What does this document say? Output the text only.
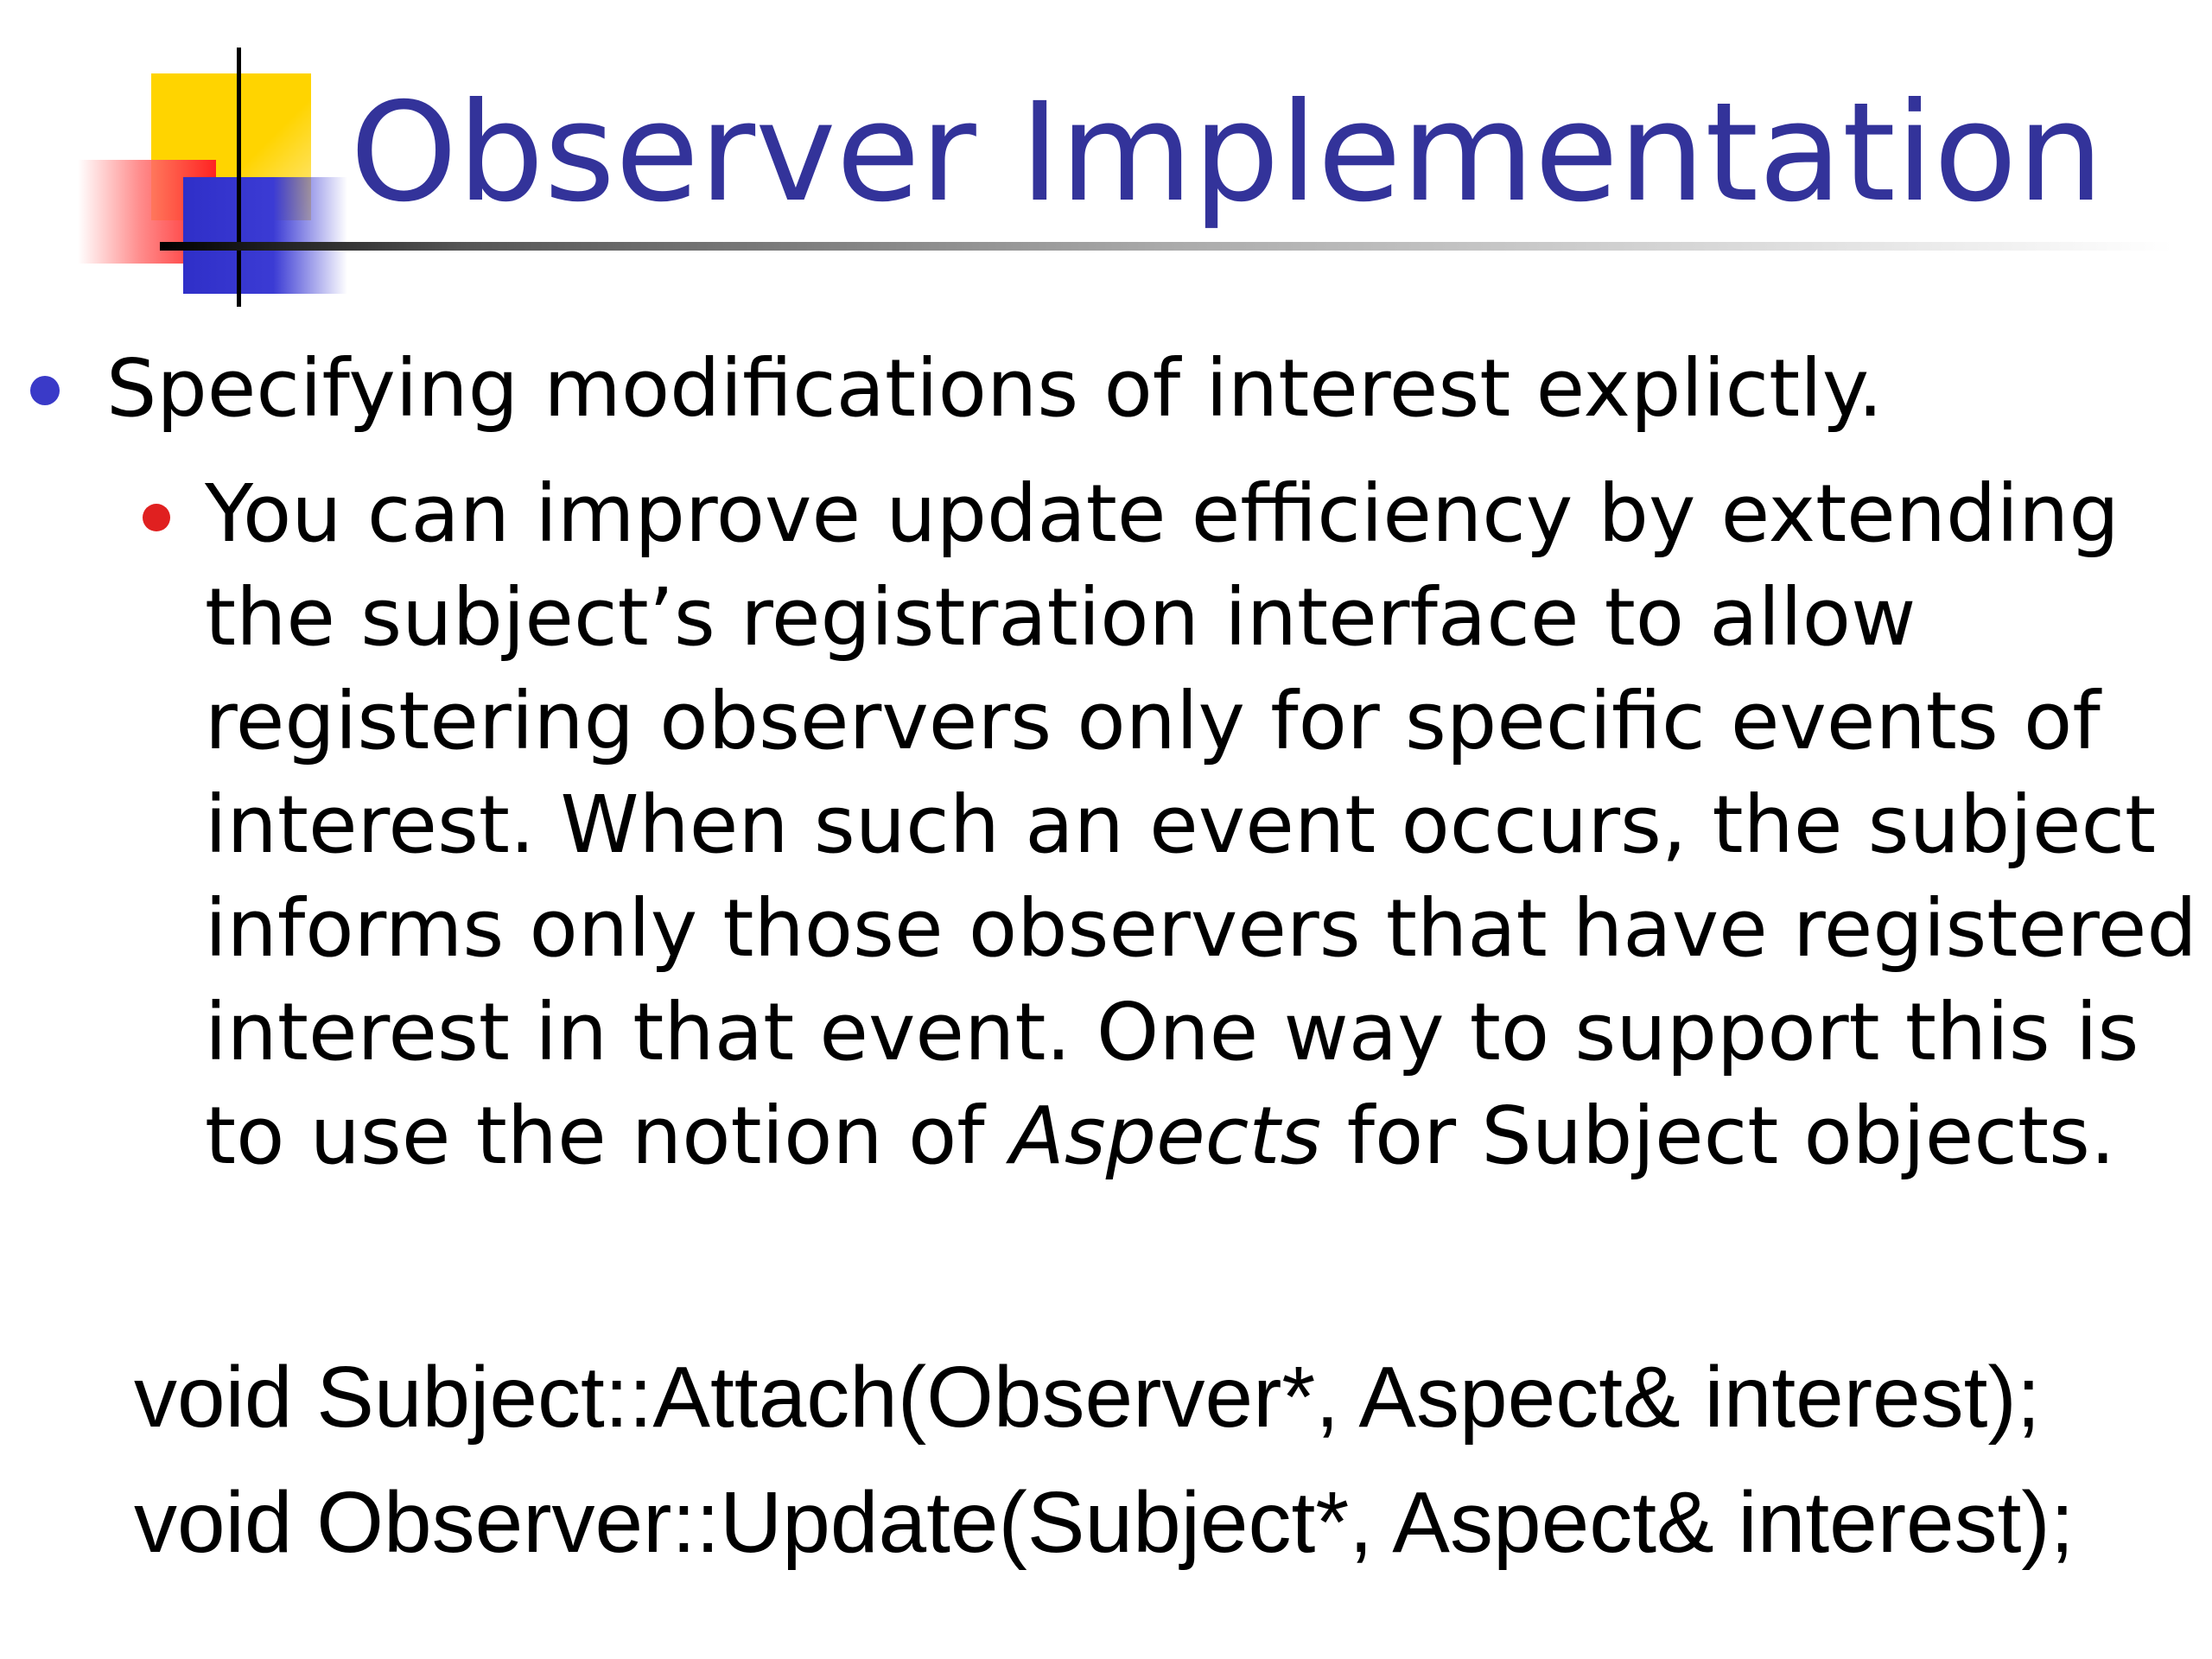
Observer Implementation
Specifying modifications of interest explictly.
You can improve update efficiency by extending
the subject’s registration interface to allow
registering observers only for specific events of
interest. When such an event occurs, the subject
informs only those observers that have registered
interest in that event. One way to support this is
to use the notion of Aspects for Subject objects.
void Subject::Attach(Observer*, Aspect& interest);
void Observer::Update(Subject*, Aspect& interest);
